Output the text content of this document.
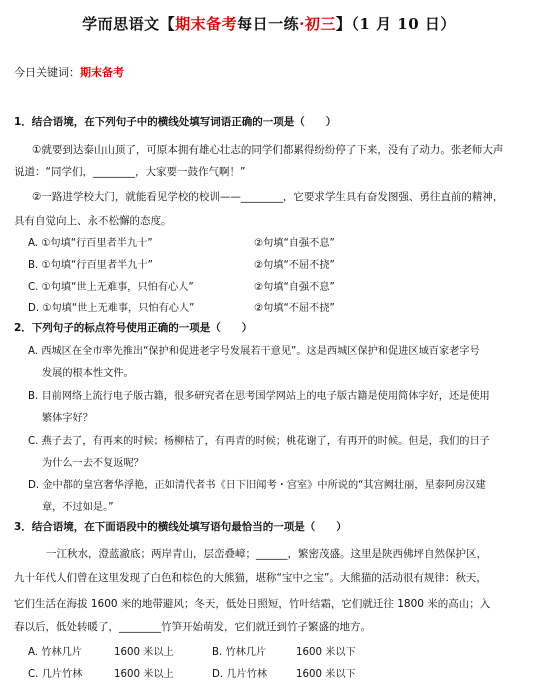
学而思语文【期末备考每日一练·初三】（1 月 10 日）
今日关键词：期末备考
1．结合语境，在下列句子中的横线处填写词语正确的一项是（　　）
①就要到达泰山山顶了，可原本拥有雄心壮志的同学们都累得纷纷停了下来，没有了动力。张老师大声
说道：“同学们，________，大家要一鼓作气啊！”
②一路进学校大门，就能看见学校的校训——________，它要求学生具有奋发图强、勇往直前的精神，
具有自觉向上、永不松懈的态度。
A. ①句填“行百里者半九十”	②句填“自强不息”
B. ①句填“行百里者半九十”	②句填“不屈不挠”
C. ①句填“世上无难事，只怕有心人”	②句填“自强不息”
D. ①句填“世上无难事，只怕有心人”	②句填“不屈不挠”
2．下列句子的标点符号使用正确的一项是（　　）
A. 西城区在全市率先推出“保护和促进老字号发展若干意见”。这是西城区保护和促进区域百家老字号
发展的根本性文件。
B. 目前网络上流行电子版古籍，很多研究者在思考国学网站上的电子版古籍是使用简体字好，还是使用
繁体字好？
C. 燕子去了，有再来的时候；杨柳枯了，有再青的时候；桃花谢了，有再开的时候。但是，我们的日子
为什么一去不复返呢？
D. 金中都的皇宫奢华浮艳，正如清代者书《日下旧闻考・宫室》中所说的“其宫阙壮丽，星泰阿房汉建
章，不过如是。”
3．结合语境，在下面语段中的横线处填写语句最恰当的一项是（　　）
一江秋水，澄蓝澈底；两岸青山，层峦叠嶂；______，繁密茂盛。这里是陕西佛坪自然保护区，
九十年代人们曾在这里发现了白色和棕色的大熊猫，堪称“宝中之宝”。大熊猫的活动很有规律：秋天，
它们生活在海拔 1600 米的地带避风；冬天，低处日照短，竹叶结霜，它们就迁往 1800 米的高山；入
春以后，低处转暖了，________竹笋开始萌发，它们就迁到竹子繁盛的地方。
A. 竹林几片	1600 米以上	B. 竹林几片	1600 米以下
C. 几片竹林	1600 米以上	D. 几片竹林	1600 米以下
